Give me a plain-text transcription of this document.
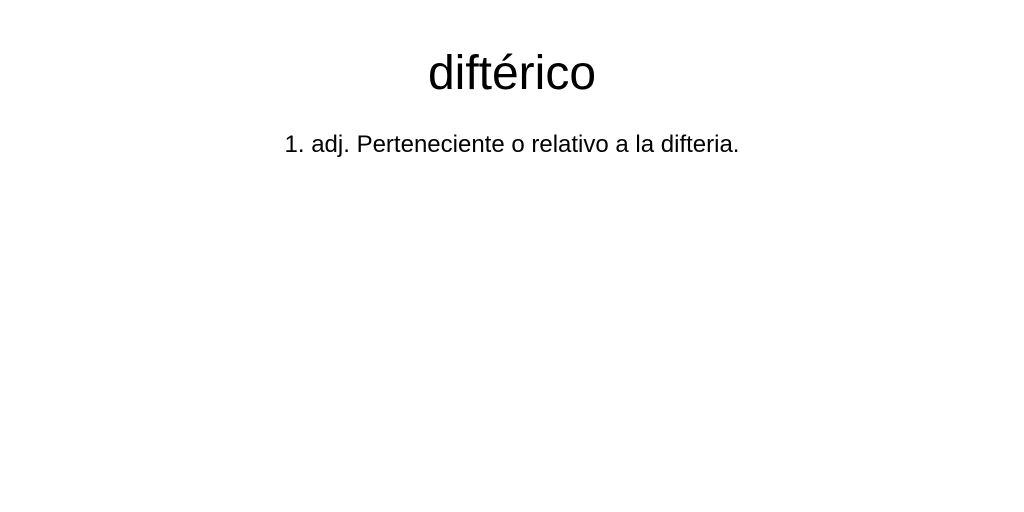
diftérico
1. adj. Perteneciente o relativo a la difteria.
